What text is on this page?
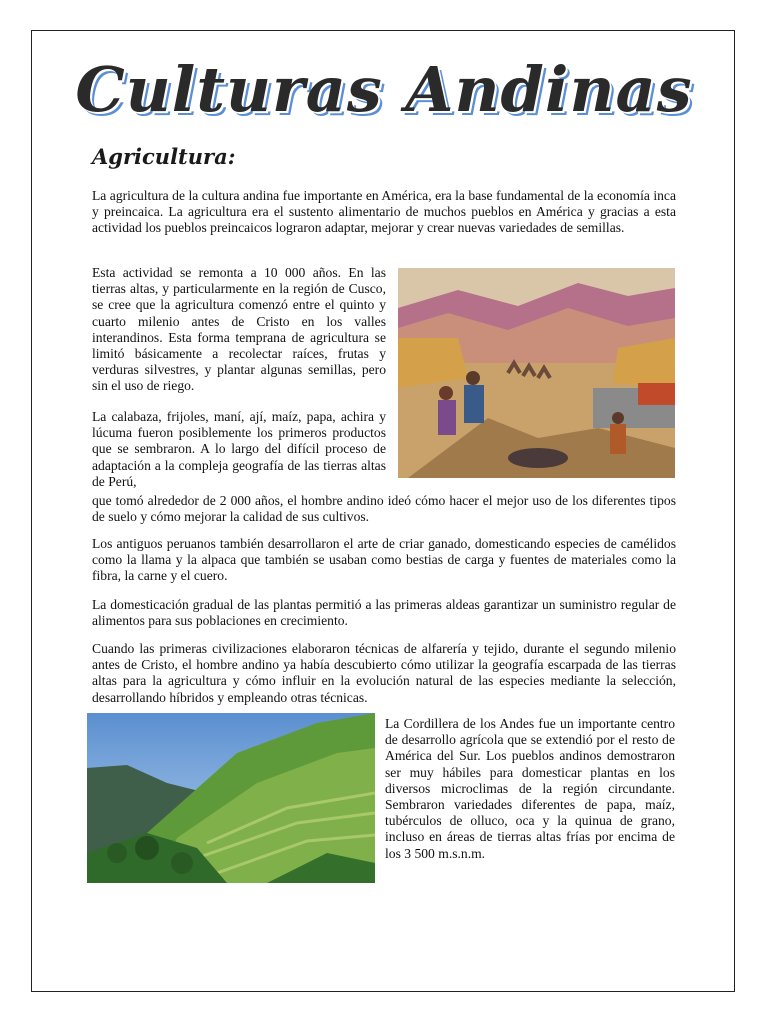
Culturas Andinas
Agricultura:

La agricultura de la cultura andina fue importante en América, era la base fundamental de la economía inca y preincaica. La agricultura era el sustento alimentario de muchos pueblos en América y gracias a esta actividad los pueblos preincaicos lograron adaptar, mejorar y crear nuevas variedades de semillas.

Esta actividad se remonta a 10 000 años. En las tierras altas, y particularmente en la región de Cusco, se cree que la agricultura comenzó entre el quinto y cuarto milenio antes de Cristo en los valles interandinos. Esta forma temprana de agricultura se limitó básicamente a recolectar raíces, frutas y verduras silvestres, y plantar algunas semillas, pero sin el uso de riego.

La calabaza, frijoles, maní, ají, maíz, papa, achira y lúcuma fueron posiblemente los primeros productos que se sembraron. A lo largo del difícil proceso de adaptación a la compleja geografía de las tierras altas de Perú,

que tomó alrededor de 2 000 años, el hombre andino ideó cómo hacer el mejor uso de los diferentes tipos de suelo y cómo mejorar la calidad de sus cultivos.

Los antiguos peruanos también desarrollaron el arte de criar ganado, domesticando especies de camélidos como la llama y la alpaca que también se usaban como bestias de carga y fuentes de materiales como la fibra, la carne y el cuero.

La domesticación gradual de las plantas permitió a las primeras aldeas garantizar un suministro regular de alimentos para sus poblaciones en crecimiento.

Cuando las primeras civilizaciones elaboraron técnicas de alfarería y tejido, durante el segundo milenio antes de Cristo, el hombre andino ya había descubierto cómo utilizar la geografía escarpada de las tierras altas para la agricultura y cómo influir en la evolución natural de las especies mediante la selección, desarrollando híbridos y empleando otras técnicas.

La Cordillera de los Andes fue un importante centro de desarrollo agrícola que se extendió por el resto de América del Sur. Los pueblos andinos demostraron ser muy hábiles para domesticar plantas en los diversos microclimas de la región circundante. Sembraron variedades diferentes de papa, maíz, tubérculos de olluco, oca y la quinua de grano, incluso en áreas de tierras altas frías por encima de los 3 500 m.s.n.m.
